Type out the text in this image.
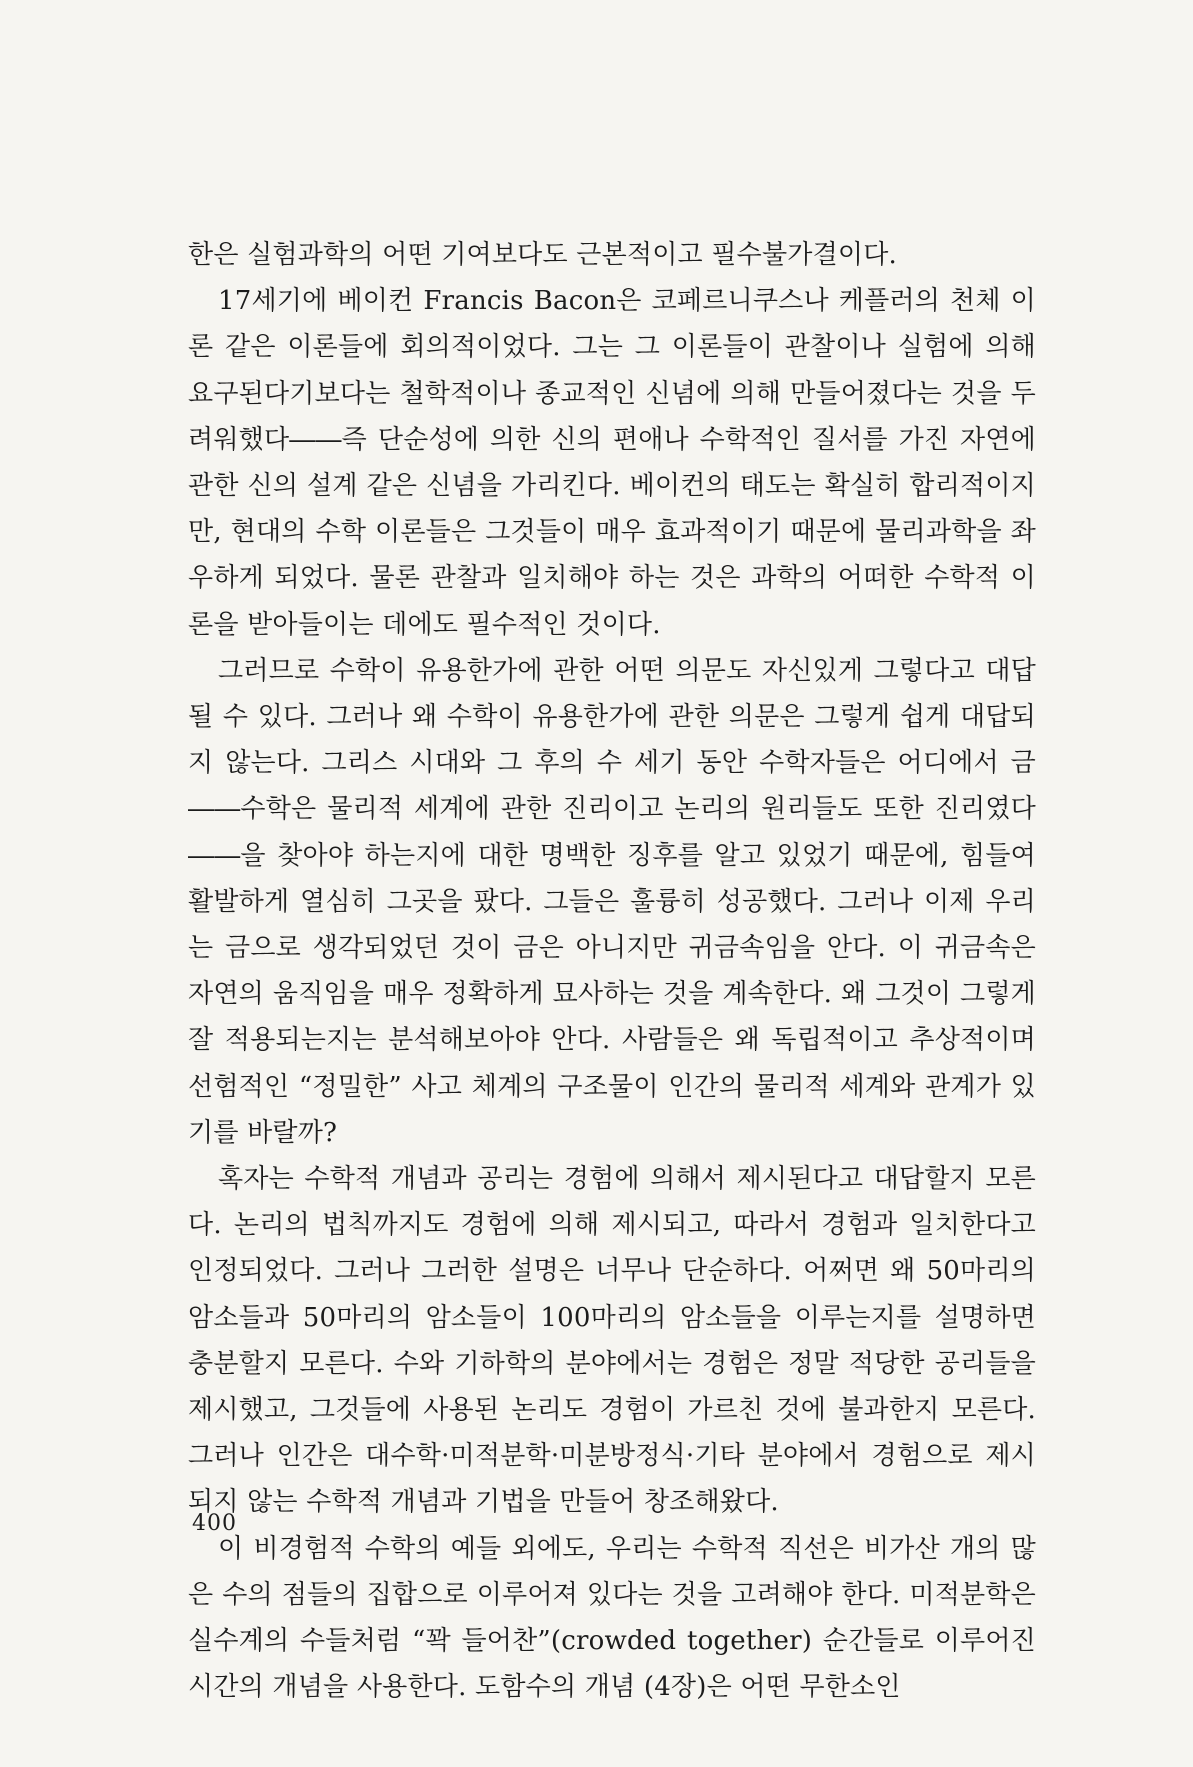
한은 실험과학의 어떤 기여보다도 근본적이고 필수불가결이다.

17세기에 베이컨 Francis Bacon은 코페르니쿠스나 케플러의 천체 이론 같은 이론들에 회의적이었다. 그는 그 이론들이 관찰이나 실험에 의해 요구된다기보다는 철학적이나 종교적인 신념에 의해 만들어졌다는 것을 두려워했다――즉 단순성에 의한 신의 편애나 수학적인 질서를 가진 자연에 관한 신의 설계 같은 신념을 가리킨다. 베이컨의 태도는 확실히 합리적이지만, 현대의 수학 이론들은 그것들이 매우 효과적이기 때문에 물리과학을 좌우하게 되었다. 물론 관찰과 일치해야 하는 것은 과학의 어떠한 수학적 이론을 받아들이는 데에도 필수적인 것이다.

그러므로 수학이 유용한가에 관한 어떤 의문도 자신있게 그렇다고 대답될 수 있다. 그러나 왜 수학이 유용한가에 관한 의문은 그렇게 쉽게 대답되지 않는다. 그리스 시대와 그 후의 수 세기 동안 수학자들은 어디에서 금――수학은 물리적 세계에 관한 진리이고 논리의 원리들도 또한 진리였다――을 찾아야 하는지에 대한 명백한 징후를 알고 있었기 때문에, 힘들여 활발하게 열심히 그곳을 팠다. 그들은 훌륭히 성공했다. 그러나 이제 우리는 금으로 생각되었던 것이 금은 아니지만 귀금속임을 안다. 이 귀금속은 자연의 움직임을 매우 정확하게 묘사하는 것을 계속한다. 왜 그것이 그렇게 잘 적용되는지는 분석해보아야 안다. 사람들은 왜 독립적이고 추상적이며 선험적인 “정밀한” 사고 체계의 구조물이 인간의 물리적 세계와 관계가 있기를 바랄까?

혹자는 수학적 개념과 공리는 경험에 의해서 제시된다고 대답할지 모른다. 논리의 법칙까지도 경험에 의해 제시되고, 따라서 경험과 일치한다고 인정되었다. 그러나 그러한 설명은 너무나 단순하다. 어쩌면 왜 50마리의 암소들과 50마리의 암소들이 100마리의 암소들을 이루는지를 설명하면 충분할지 모른다. 수와 기하학의 분야에서는 경험은 정말 적당한 공리들을 제시했고, 그것들에 사용된 논리도 경험이 가르친 것에 불과한지 모른다. 그러나 인간은 대수학·미적분학·미분방정식·기타 분야에서 경험으로 제시되지 않는 수학적 개념과 기법을 만들어 창조해왔다.

이 비경험적 수학의 예들 외에도, 우리는 수학적 직선은 비가산 개의 많은 수의 점들의 집합으로 이루어져 있다는 것을 고려해야 한다. 미적분학은 실수계의 수들처럼 “꽉 들어찬”(crowded together) 순간들로 이루어진 시간의 개념을 사용한다. 도함수의 개념 (4장)은 어떤 무한소인

400
